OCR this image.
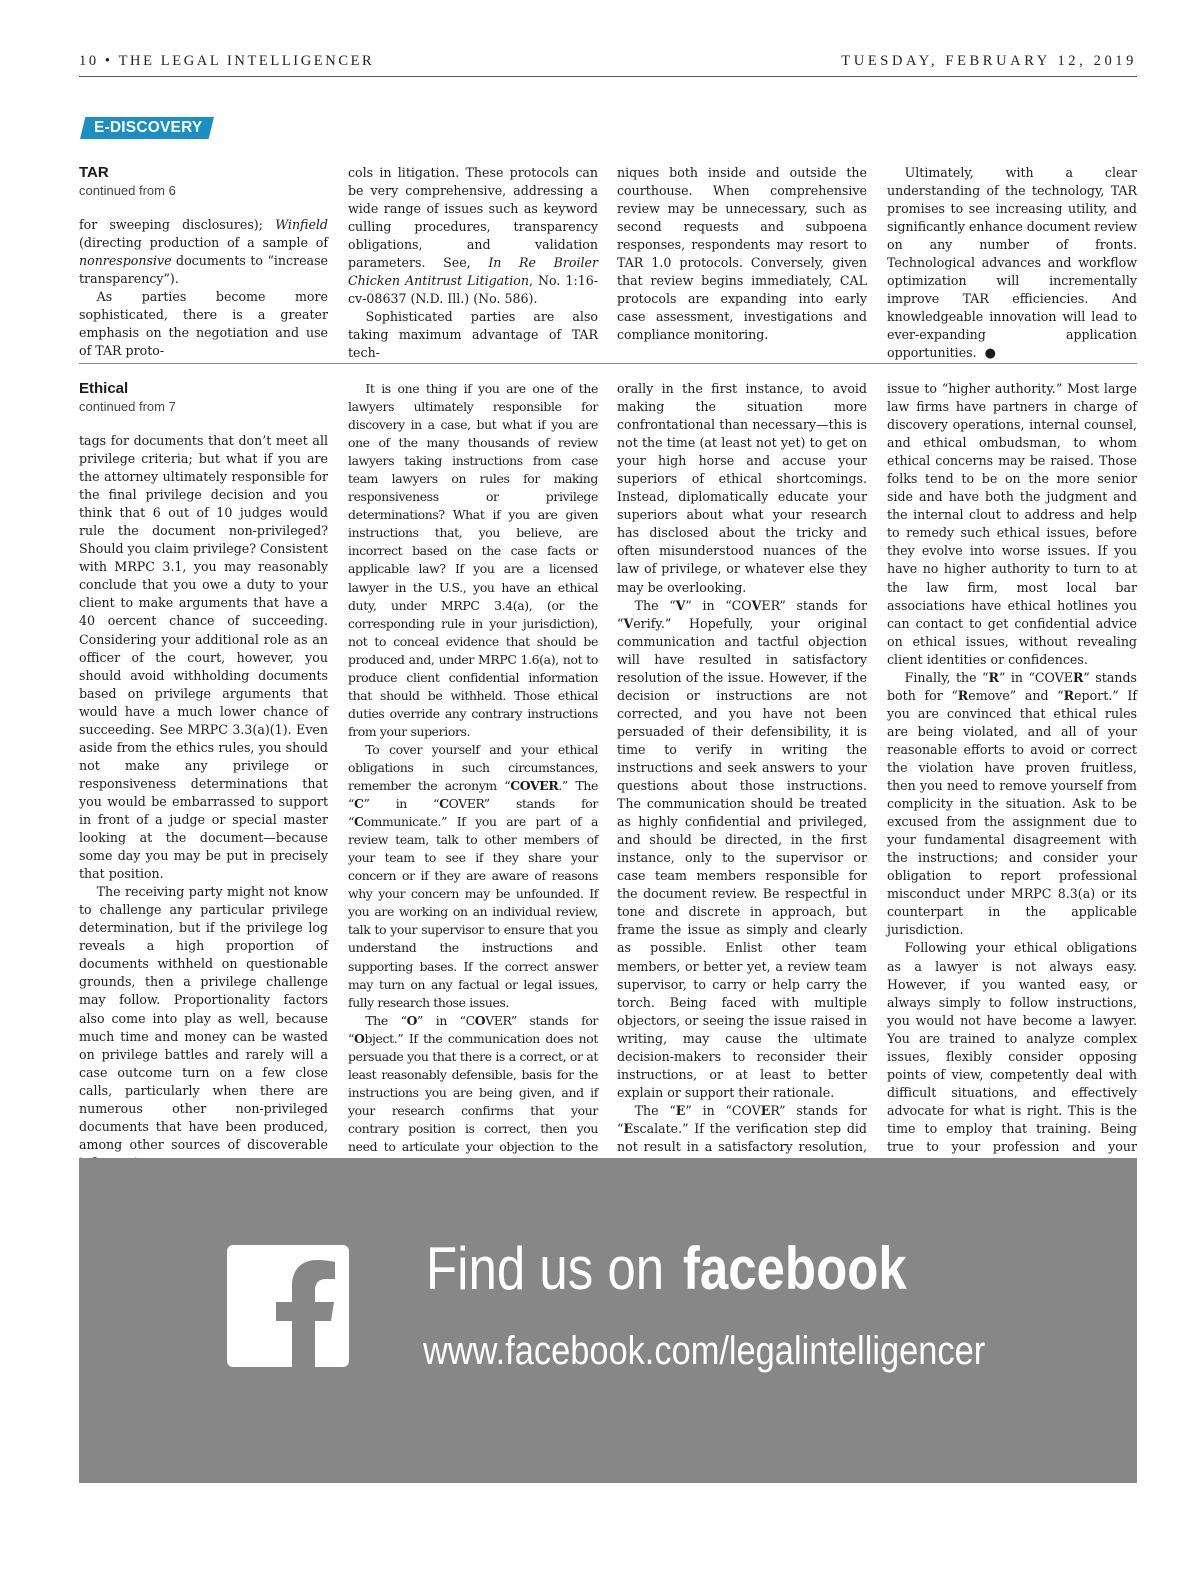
10 • THE LEGAL INTELLIGENCER	TUESDAY, FEBRUARY 12, 2019
E-DISCOVERY

TAR

continued from 6

for sweeping disclosures); Winfield (directing production of a sample of nonresponsive documents to “increase transparency”).

As parties become more sophisticated, there is a greater emphasis on the negotiation and use of TAR proto-

cols in litigation. These protocols can be very comprehensive, addressing a wide range of issues such as keyword culling procedures, transparency obligations, and validation parameters. See, In Re Broiler Chicken Antitrust Litigation, No. 1:16-cv-08637 (N.D. Ill.) (No. 586).

Sophisticated parties are also taking maximum advantage of TAR tech-

niques both inside and outside the courthouse. When comprehensive review may be unnecessary, such as second requests and subpoena responses, respondents may resort to TAR 1.0 protocols. Conversely, given that review begins immediately, CAL protocols are expanding into early case assessment, investigations and compliance monitoring.

Ultimately, with a clear understanding of the technology, TAR promises to see increasing utility, and significantly enhance document review on any number of fronts. Technological advances and workflow optimization will incrementally improve TAR efficiencies. And knowledgeable innovation will lead to ever-expanding application opportunities. ●

Ethical

continued from 7

tags for documents that don’t meet all privilege criteria; but what if you are the attorney ultimately responsible for the final privilege decision and you think that 6 out of 10 judges would rule the document non-privileged? Should you claim privilege? Consistent with MRPC 3.1, you may reasonably conclude that you owe a duty to your client to make arguments that have a 40 oercent chance of succeeding. Considering your additional role as an officer of the court, however, you should avoid withholding documents based on privilege arguments that would have a much lower chance of succeeding. See MRPC 3.3(a)(1). Even aside from the ethics rules, you should not make any privilege or responsiveness determinations that you would be embarrassed to support in front of a judge or special master looking at the document—because some day you may be put in precisely that position.

The receiving party might not know to challenge any particular privilege determination, but if the privilege log reveals a high proportion of documents withheld on questionable grounds, then a privilege challenge may follow. Proportionality factors also come into play as well, because much time and money can be wasted on privilege battles and rarely will a case outcome turn on a few close calls, particularly when there are numerous other non-privileged documents that have been produced, among other sources of discoverable

It is one thing if you are one of the lawyers ultimately responsible for discovery in a case, but what if you are one of the many thousands of review lawyers taking instructions from case team lawyers on rules for making responsiveness or privilege determinations? What if you are given instructions that, you believe, are incorrect based on the case facts or applicable law? If you are a licensed lawyer in the U.S., you have an ethical duty, under MRPC 3.4(a), (or the corresponding rule in your jurisdiction), not to conceal evidence that should be produced and, under MRPC 1.6(a), not to produce client confidential information that should be withheld. Those ethical duties override any contrary instructions from your superiors.

To cover yourself and your ethical obligations in such circumstances, remember the acronym “COVER.” The “C” in “COVER” stands for “Communicate.” If you are part of a review team, talk to other members of your team to see if they share your concern or if they are aware of reasons why your concern may be unfounded. If you are working on an individual review, talk to your supervisor to ensure that you understand the instructions and supporting bases. If the correct answer may turn on any factual or legal issues, fully research those issues.

The “O” in “COVER” stands for “Object.” If the communication does not persuade you that there is a correct, or at least reasonably defensible, basis for the instructions you are being given, and if your research confirms that your contrary position is correct, then you need to articulate your objection to the

orally in the first instance, to avoid making the situation more confrontational than necessary—this is not the time (at least not yet) to get on your high horse and accuse your superiors of ethical shortcomings. Instead, diplomatically educate your superiors about what your research has disclosed about the tricky and often misunderstood nuances of the law of privilege, or whatever else they may be overlooking.

The “V” in “COVER” stands for “Verify.” Hopefully, your original communication and tactful objection will have resulted in satisfactory resolution of the issue. However, if the decision or instructions are not corrected, and you have not been persuaded of their defensibility, it is time to verify in writing the instructions and seek answers to your questions about those instructions. The communication should be treated as highly confidential and privileged, and should be directed, in the first instance, only to the supervisor or case team members responsible for the document review. Be respectful in tone and discrete in approach, but frame the issue as simply and clearly as possible. Enlist other team members, or better yet, a review team supervisor, to carry or help carry the torch. Being faced with multiple objectors, or seeing the issue raised in writing, may cause the ultimate decision-makers to reconsider their instructions, or at least to better explain or support their rationale.

The “E” in “COVER” stands for “Escalate.” If the verification step did not result in a satisfactory resolution,

issue to “higher authority.” Most large law firms have partners in charge of discovery operations, internal counsel, and ethical ombudsman, to whom ethical concerns may be raised. Those folks tend to be on the more senior side and have both the judgment and the internal clout to address and help to remedy such ethical issues, before they evolve into worse issues. If you have no higher authority to turn to at the law firm, most local bar associations have ethical hotlines you can contact to get confidential advice on ethical issues, without revealing client identities or confidences.

Finally, the “R” in “COVER” stands both for “Remove” and “Report.” If you are convinced that ethical rules are being violated, and all of your reasonable efforts to avoid or correct the violation have proven fruitless, then you need to remove yourself from complicity in the situation. Ask to be excused from the assignment due to your fundamental disagreement with the instructions; and consider your obligation to report professional misconduct under MRPC 8.3(a) or its counterpart in the applicable jurisdiction.

Following your ethical obligations as a lawyer is not always easy. However, if you wanted easy, or always simply to follow instructions, you would not have become a lawyer. You are trained to analyze complex issues, flexibly consider opposing points of view, competently deal with difficult situations, and effectively advocate for what is right. This is the time to employ that training. Being true to your profession and your

Find us on facebook
www.facebook.com/legalintelligencer
